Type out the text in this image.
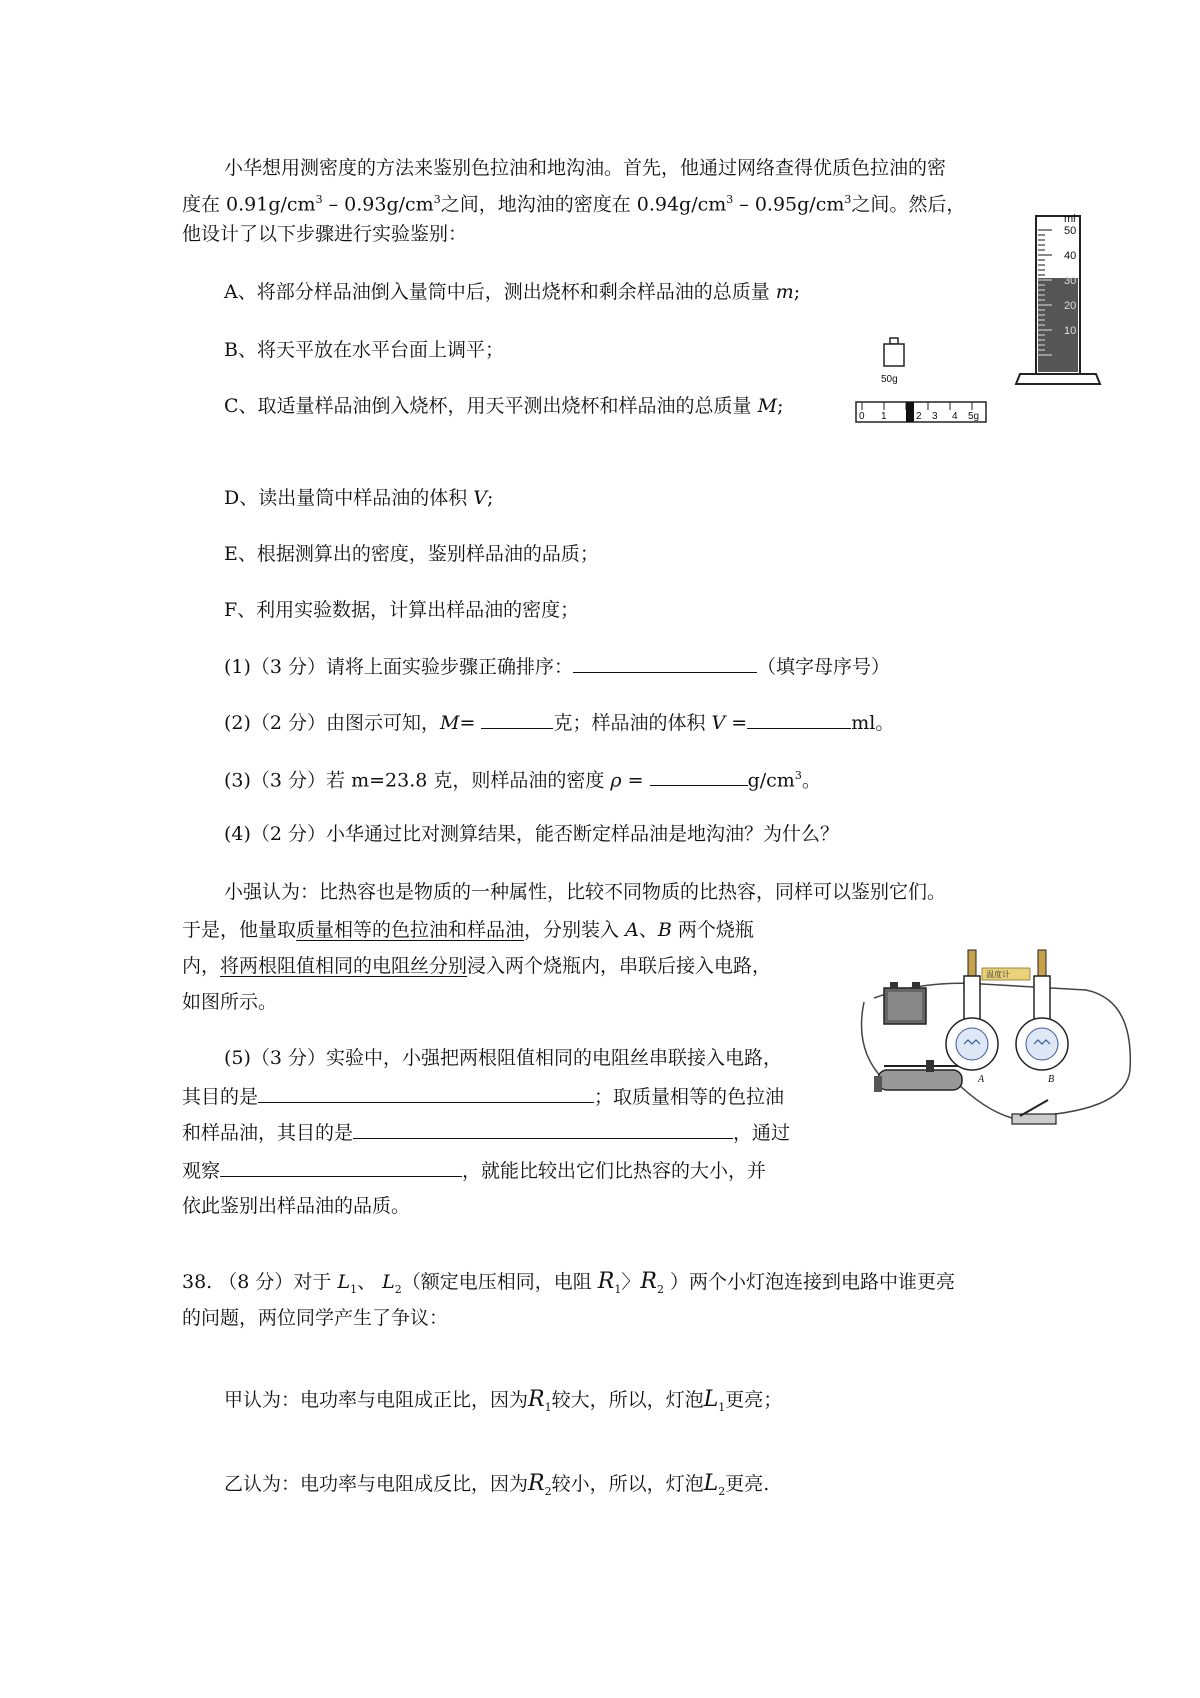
小华想用测密度的方法来鉴别色拉油和地沟油。首先，他通过网络查得优质色拉油的密
度在 $0.91g/cm^3 - 0.93g/cm^3$之间，地沟油的密度在 $0.94g/cm^3 - 0.95g/cm^3$之间。然后，
他设计了以下步骤进行实验鉴别：
A、将部分样品油倒入量筒中后，测出烧杯和剩余样品油的总质量 m;
B、将天平放在水平台面上调平；
C、取适量样品油倒入烧杯，用天平测出烧杯和样品油的总质量 M;
D、读出量筒中样品油的体积 V;
E、根据测算出的密度，鉴别样品油的品质；
F、利用实验数据，计算出样品油的密度；
(1)（3 分）请将上面实验步骤正确排序：	（填字母序号）
(2)（2 分）由图示可知，M=	克；样品油的体积 V =	ml。
(3)（3 分）若 m=23.8 克，则样品油的密度 ρ =	$g/cm^3$。
(4)（2 分）小华通过比对测算结果，能否断定样品油是地沟油？为什么？
小强认为：比热容也是物质的一种属性，比较不同物质的比热容，同样可以鉴别它们。
于是，他量取质量相等的色拉油和样品油，分别装入 A、B 两个烧瓶
内，将两根阻值相同的电阻丝分别浸入两个烧瓶内，串联后接入电路，
如图所示。
(5)（3 分）实验中，小强把两根阻值相同的电阻丝串联接入电路，
其目的是	；取质量相等的色拉油
和样品油，其目的是	，通过
观察	，就能比较出它们比热容的大小，并
依此鉴别出样品油的品质。
38. （8 分）对于 $L_1$、 $L_2$（额定电压相同，电阻 $R_1$〉$R_2$ ）两个小灯泡连接到电路中谁更亮
的问题，两位同学产生了争议：
甲认为：电功率与电阻成正比，因为$R_1$较大，所以，灯泡$L_1$更亮；
乙认为：电功率与电阻成反比，因为$R_2$较小，所以，灯泡$L_2$更亮.
ml
50
40
30
20
10
50g
0 1	2 3 4 5g
温度计
A	B
